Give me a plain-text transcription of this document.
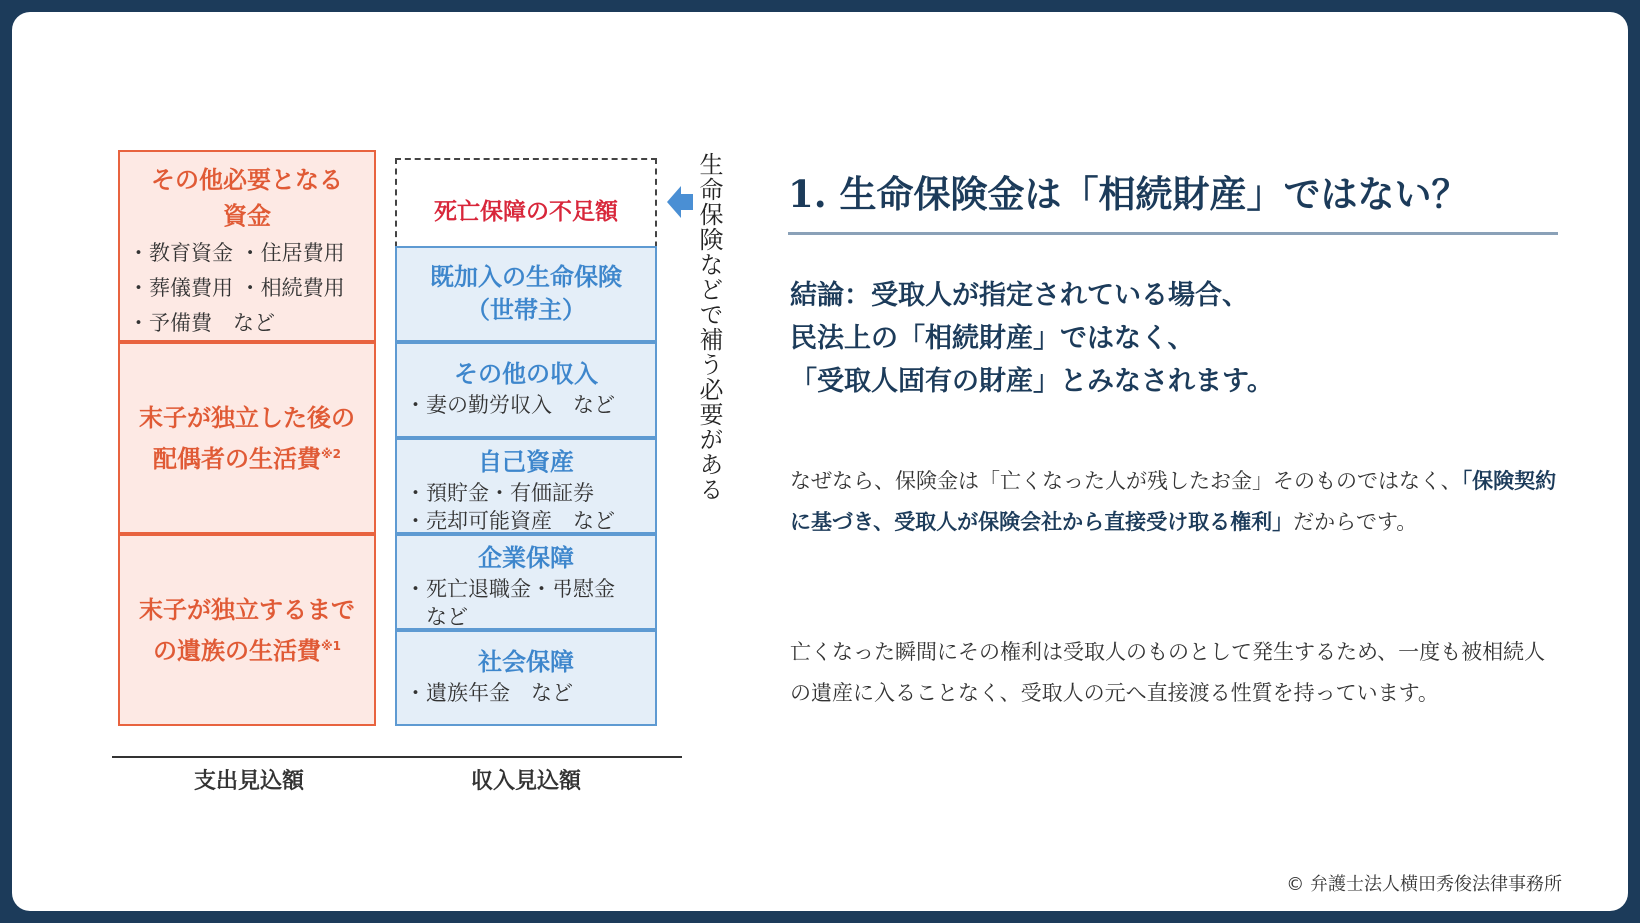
その他必要となる資金
・教育資金 ・住居費用
・葬儀費用 ・相続費用
・予備費　など
末子が独立した後の配偶者の生活費$^{※2}$
末子が独立するまでの遺族の生活費$^{※1}$
死亡保障の不足額
既加入の生命保険（世帯主）
その他の収入
・妻の勤労収入　など
自己資産
・預貯金・有価証券
・売却可能資産　など
企業保障
・死亡退職金・弔慰金
　など
社会保障
・遺族年金　など
支出見込額	収入見込額
生命保険などで補う必要がある 1. 生命保険金は「相続財産」ではない？
結論：受取人が指定されている場合、
民法上の「相続財産」ではなく、
「受取人固有の財産」とみなされます。
なぜなら、保険金は「亡くなった人が残したお金」そのものではなく、「保険契約に基づき、受取人が保険会社から直接受け取る権利」だからです。
亡くなった瞬間にその権利は受取人のものとして発生するため、一度も被相続人の遺産に入ることなく、受取人の元へ直接渡る性質を持っています。
© 弁護士法人横田秀俊法律事務所
